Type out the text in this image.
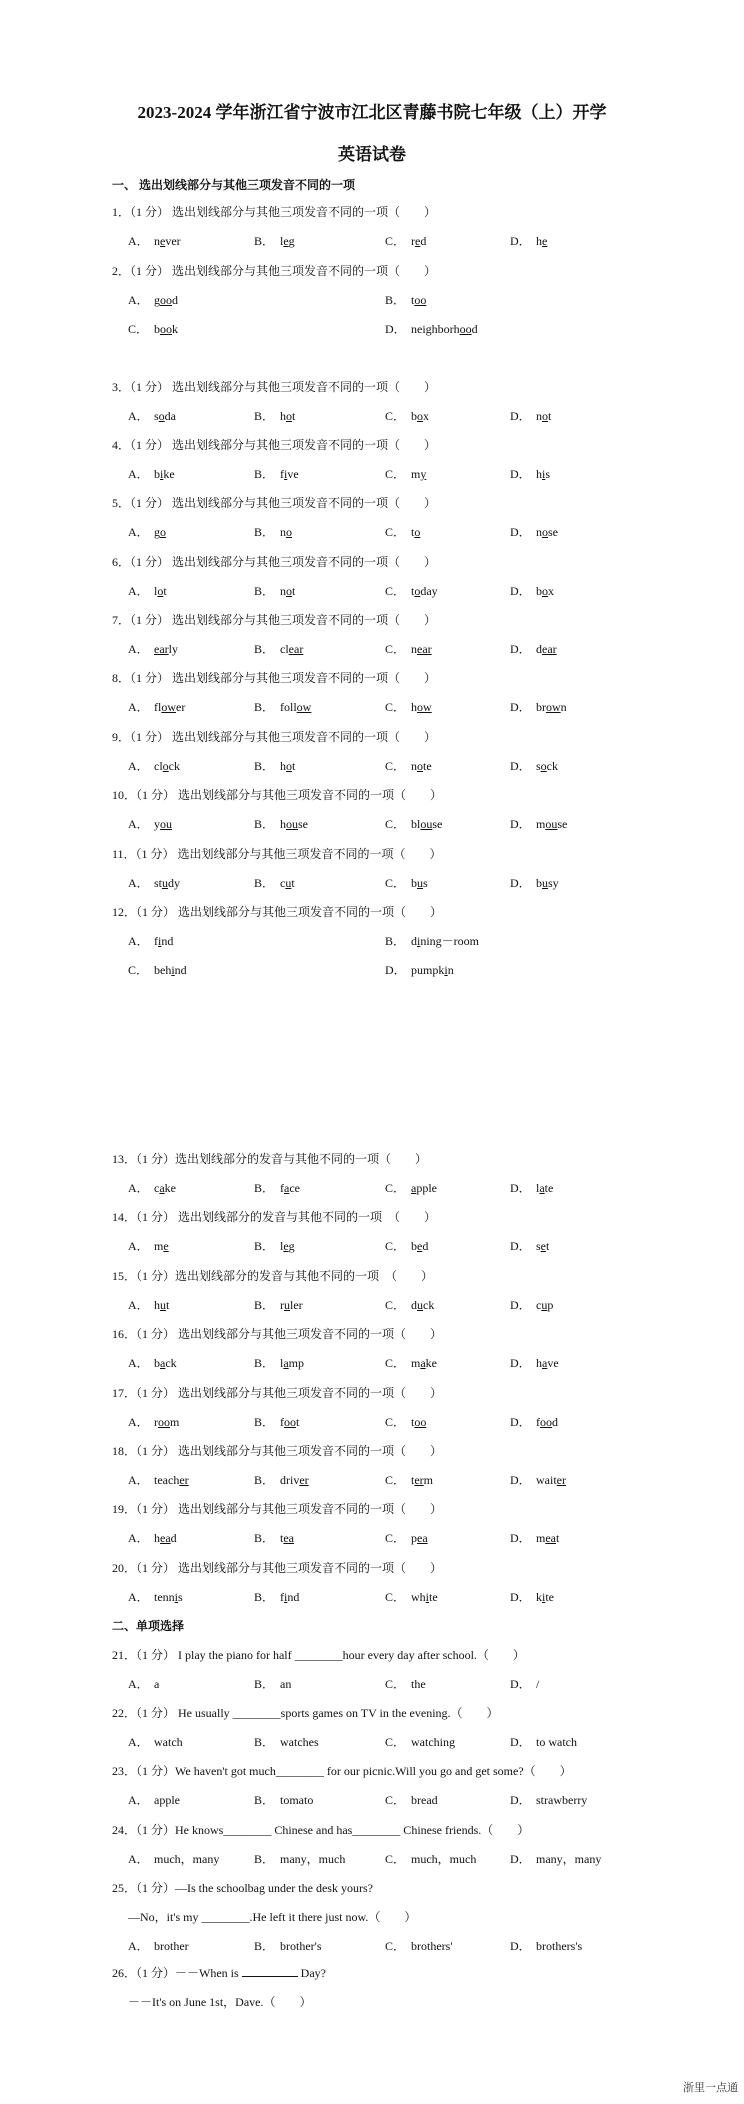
2023-2024 学年浙江省宁波市江北区青藤书院七年级（上）开学
英语试卷
一、 选出划线部分与其他三项发音不同的一项
二、单项选择
1．（1 分） 选出划线部分与其他三项发音不同的一项（　　）
A． never	B． leg	C． red	D． he
2．（1 分） 选出划线部分与其他三项发音不同的一项（　　）
A． good	B． too
C． book	D． neighborhood
3．（1 分） 选出划线部分与其他三项发音不同的一项（　　）
A． soda	B． hot	C． box	D． not
4．（1 分） 选出划线部分与其他三项发音不同的一项（　　）
A． bike	B． five	C． my	D． his
5．（1 分） 选出划线部分与其他三项发音不同的一项（　　）
A． go	B． no	C． to	D． nose
6．（1 分） 选出划线部分与其他三项发音不同的一项（　　）
A． lot	B． not	C． today	D． box
7．（1 分） 选出划线部分与其他三项发音不同的一项（　　）
A． early	B． clear	C． near	D． dear
8．（1 分） 选出划线部分与其他三项发音不同的一项（　　）
A． flower	B． follow	C． how	D． brown
9．（1 分） 选出划线部分与其他三项发音不同的一项（　　）
A． clock	B． hot	C． note	D． sock
10．（1 分） 选出划线部分与其他三项发音不同的一项（　　）
A． you	B． house	C． blouse	D． mouse
11．（1 分） 选出划线部分与其他三项发音不同的一项（　　）
A． study	B． cut	C． bus	D． busy
12．（1 分） 选出划线部分与其他三项发音不同的一项（　　）
A． find	B． dining－room
C． behind	D． pumpkin
13．（1 分）选出划线部分的发音与其他不同的一项（　　）
A． cake	B． face	C． apple	D． late
14．（1 分） 选出划线部分的发音与其他不同的一项　（　　）
A． me	B． leg	C． bed	D． set
15．（1 分）选出划线部分的发音与其他不同的一项　（　　）
A． hut	B． ruler	C． duck	D． cup
16．（1 分） 选出划线部分与其他三项发音不同的一项（　　）
A． back	B． lamp	C． make	D． have
17．（1 分） 选出划线部分与其他三项发音不同的一项（　　）
A． room	B． foot	C． too	D． food
18．（1 分） 选出划线部分与其他三项发音不同的一项（　　）
A． teacher	B． driver	C． term	D． waiter
19．（1 分） 选出划线部分与其他三项发音不同的一项（　　）
A． head	B． tea	C． pea	D． meat
20．（1 分） 选出划线部分与其他三项发音不同的一项（　　）
A． tennis	B． find	C． white	D． kite
21．（1 分） I play the piano for half ________hour every day after school.（　　）
A． a	B． an	C． the	D． /
22．（1 分） He usually ________sports games on TV in the evening.（　　）
A． watch	B． watches	C． watching	D． to watch
23．（1 分）We haven't got much________ for our picnic.Will you go and get some?（　　）
A． apple	B． tomato	C． bread	D． strawberry
24．（1 分）He knows________ Chinese and has________ Chinese friends.（　　）
A． much，many	B． many，much	C． much，much	D． many，many
25．（1 分）—Is the schoolbag under the desk yours?
—No，it's my ________.He left it there just now.（　　）
A． brother	B． brother's	C． brothers'	D． brothers's
26．（1 分）－－When is	Day?
－－It's on June 1st，Dave.（　　）
浙里一点通
